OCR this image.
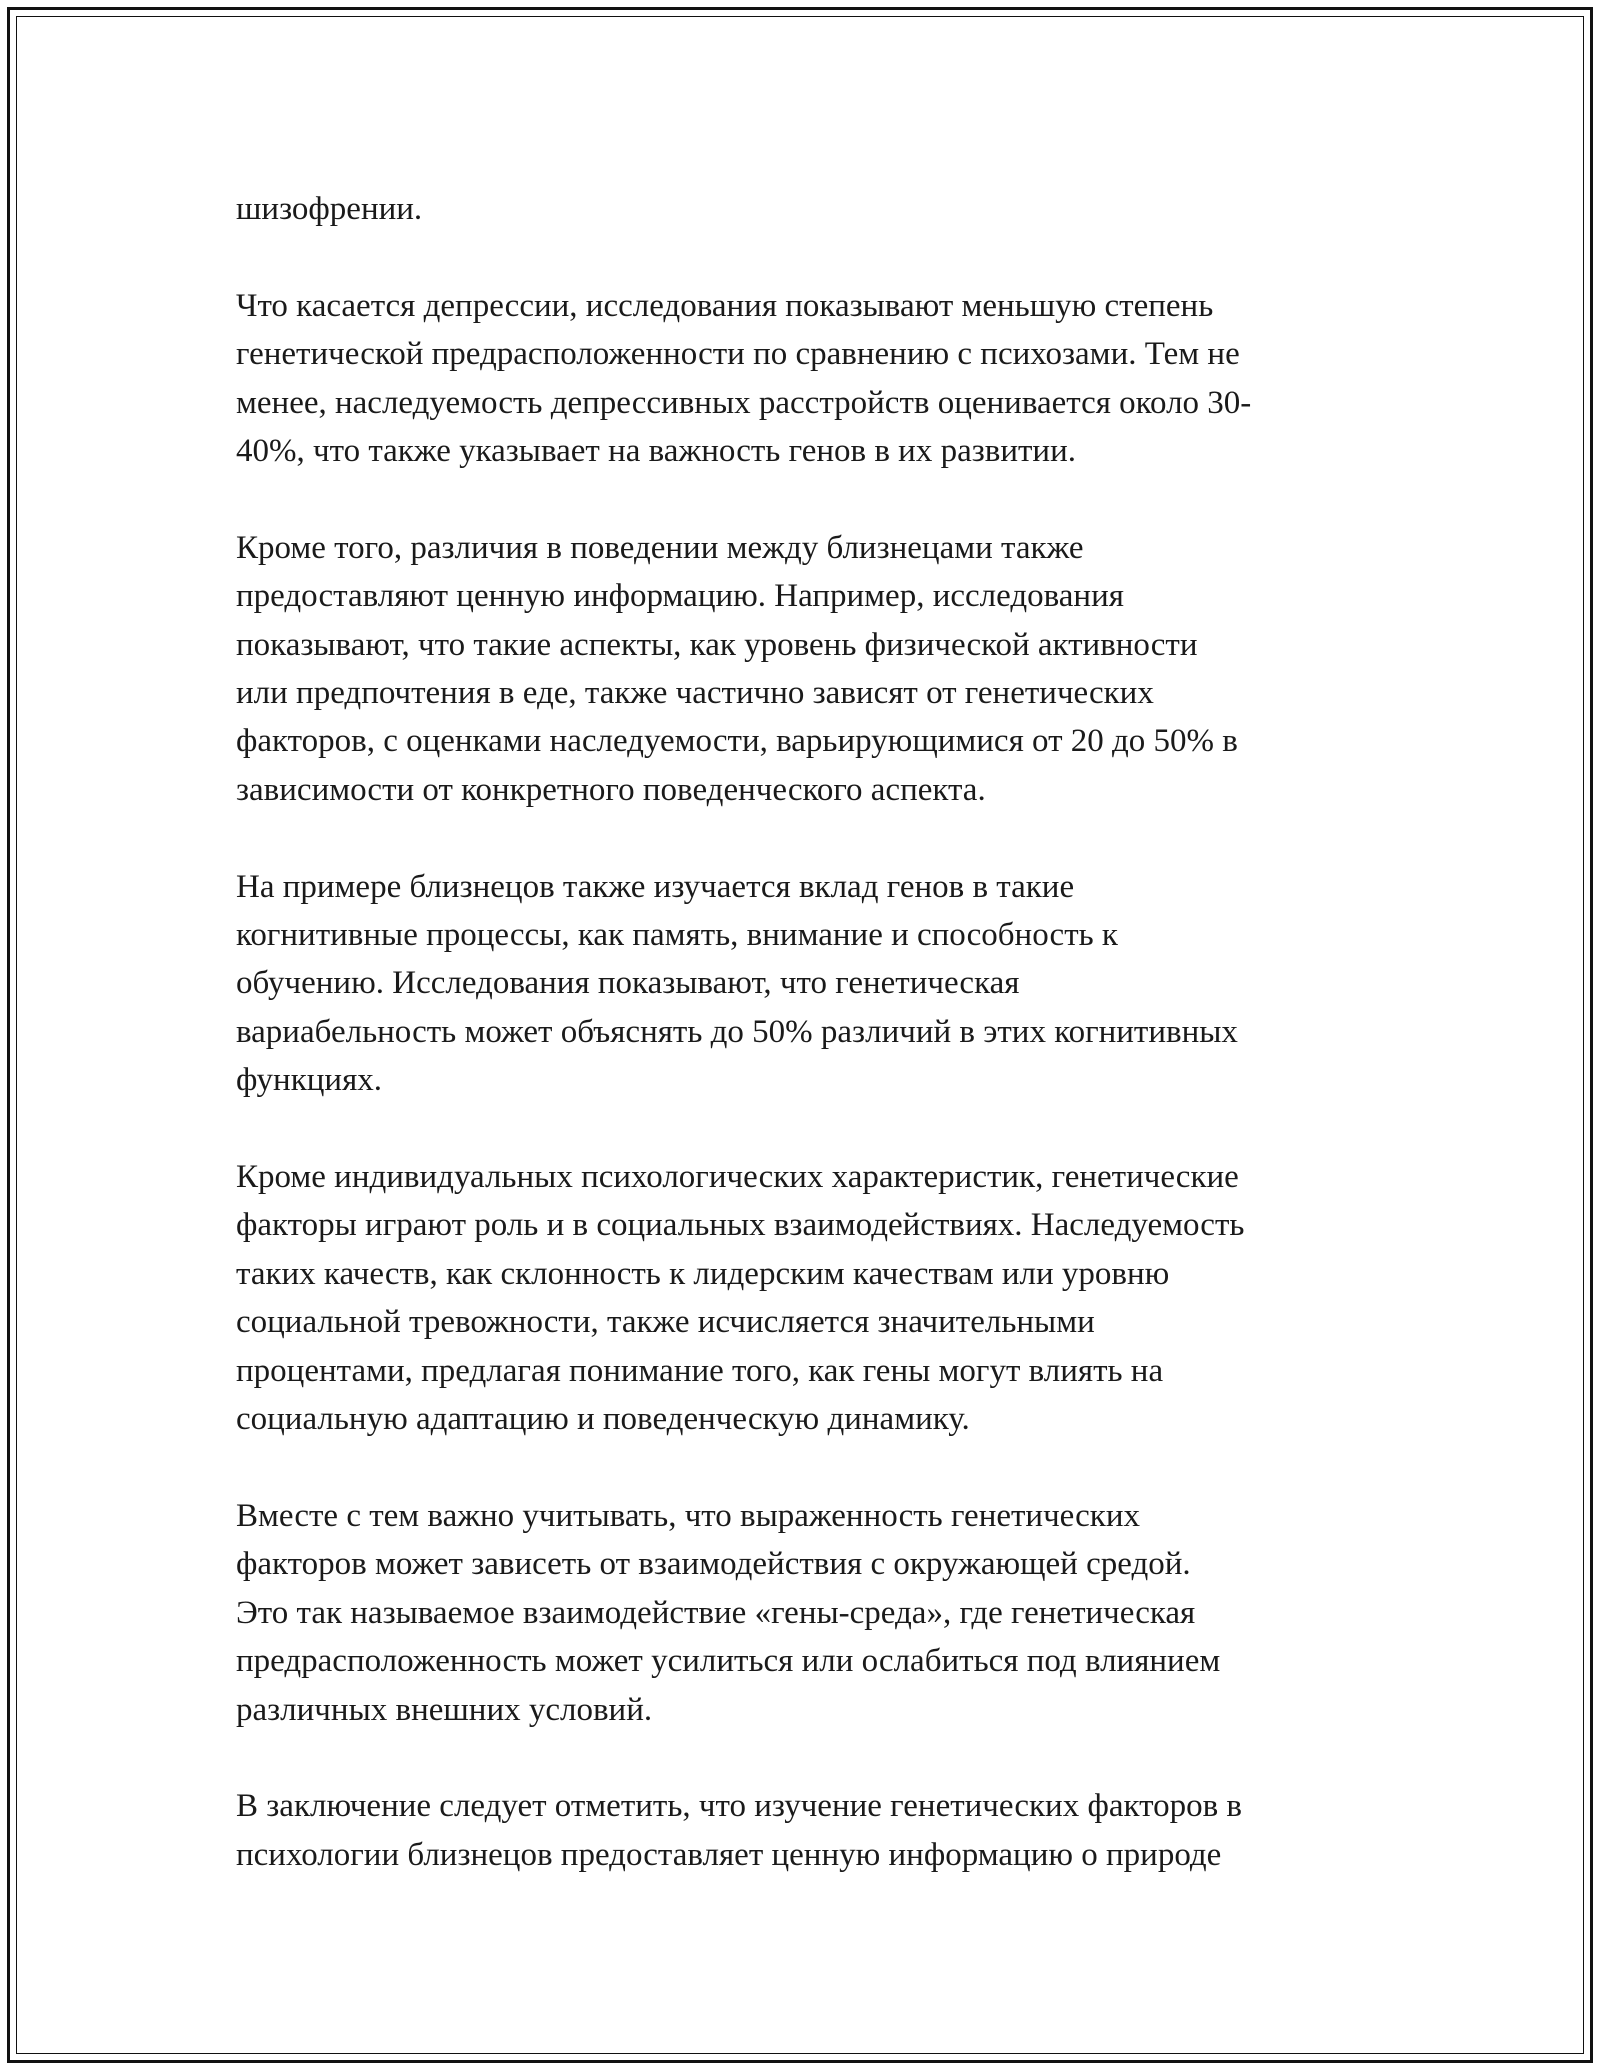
шизофрении.

Что касается депрессии, исследования показывают меньшую степень
генетической предрасположенности по сравнению с психозами. Тем не
менее, наследуемость депрессивных расстройств оценивается около 30-
40%, что также указывает на важность генов в их развитии.

Кроме того, различия в поведении между близнецами также
предоставляют ценную информацию. Например, исследования
показывают, что такие аспекты, как уровень физической активности
или предпочтения в еде, также частично зависят от генетических
факторов, с оценками наследуемости, варьирующимися от 20 до 50% в
зависимости от конкретного поведенческого аспекта.

На примере близнецов также изучается вклад генов в такие
когнитивные процессы, как память, внимание и способность к
обучению. Исследования показывают, что генетическая
вариабельность может объяснять до 50% различий в этих когнитивных
функциях.

Кроме индивидуальных психологических характеристик, генетические
факторы играют роль и в социальных взаимодействиях. Наследуемость
таких качеств, как склонность к лидерским качествам или уровню
социальной тревожности, также исчисляется значительными
процентами, предлагая понимание того, как гены могут влиять на
социальную адаптацию и поведенческую динамику.

Вместе с тем важно учитывать, что выраженность генетических
факторов может зависеть от взаимодействия с окружающей средой.
Это так называемое взаимодействие «гены-среда», где генетическая
предрасположенность может усилиться или ослабиться под влиянием
различных внешних условий.

В заключение следует отметить, что изучение генетических факторов в
психологии близнецов предоставляет ценную информацию о природе
